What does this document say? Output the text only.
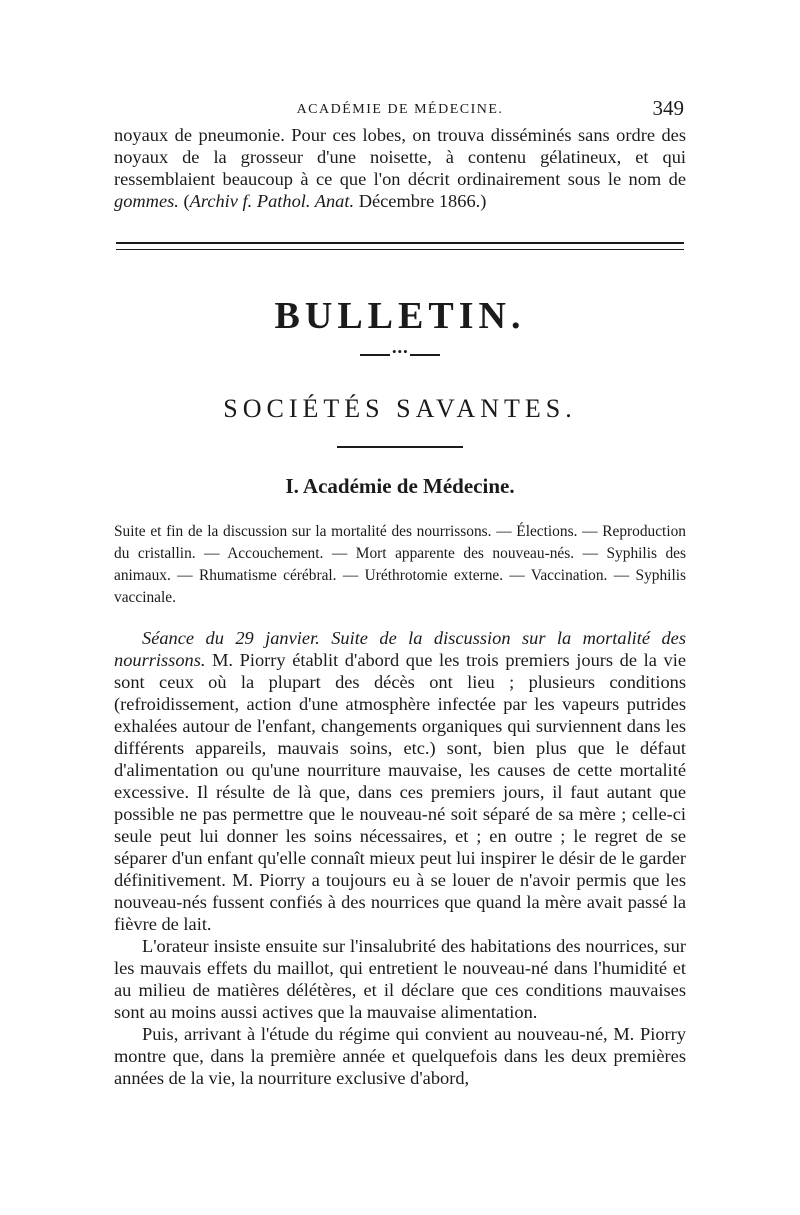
ACADÉMIE DE MÉDECINE.	349

noyaux de pneumonie. Pour ces lobes, on trouva disséminés sans ordre des noyaux de la grosseur d'une noisette, à contenu gélatineux, et qui ressemblaient beaucoup à ce que l'on décrit ordinairement sous le nom de gommes. (Archiv f. Pathol. Anat. Décembre 1866.)

BULLETIN.
•••
SOCIÉTÉS SAVANTES.
I. Académie de Médecine.

Suite et fin de la discussion sur la mortalité des nourrissons. — Élections. — Reproduction du cristallin. — Accouchement. — Mort apparente des nouveau-nés. — Syphilis des animaux. — Rhumatisme cérébral. — Uréthrotomie externe. — Vaccination. — Syphilis vaccinale.

Séance du 29 janvier. Suite de la discussion sur la mortalité des nourrissons. M. Piorry établit d'abord que les trois premiers jours de la vie sont ceux où la plupart des décès ont lieu ; plusieurs conditions (refroidissement, action d'une atmosphère infectée par les vapeurs putrides exhalées autour de l'enfant, changements organiques qui surviennent dans les différents appareils, mauvais soins, etc.) sont, bien plus que le défaut d'alimentation ou qu'une nourriture mauvaise, les causes de cette mortalité excessive. Il résulte de là que, dans ces premiers jours, il faut autant que possible ne pas permettre que le nouveau-né soit séparé de sa mère ; celle-ci seule peut lui donner les soins nécessaires, et ; en outre ; le regret de se séparer d'un enfant qu'elle connaît mieux peut lui inspirer le désir de le garder définitivement. M. Piorry a toujours eu à se louer de n'avoir permis que les nouveau-nés fussent confiés à des nourrices que quand la mère avait passé la fièvre de lait.

L'orateur insiste ensuite sur l'insalubrité des habitations des nourrices, sur les mauvais effets du maillot, qui entretient le nouveau-né dans l'humidité et au milieu de matières délétères, et il déclare que ces conditions mauvaises sont au moins aussi actives que la mauvaise alimentation.

Puis, arrivant à l'étude du régime qui convient au nouveau-né, M. Piorry montre que, dans la première année et quelquefois dans les deux premières années de la vie, la nourriture exclusive d'abord,
